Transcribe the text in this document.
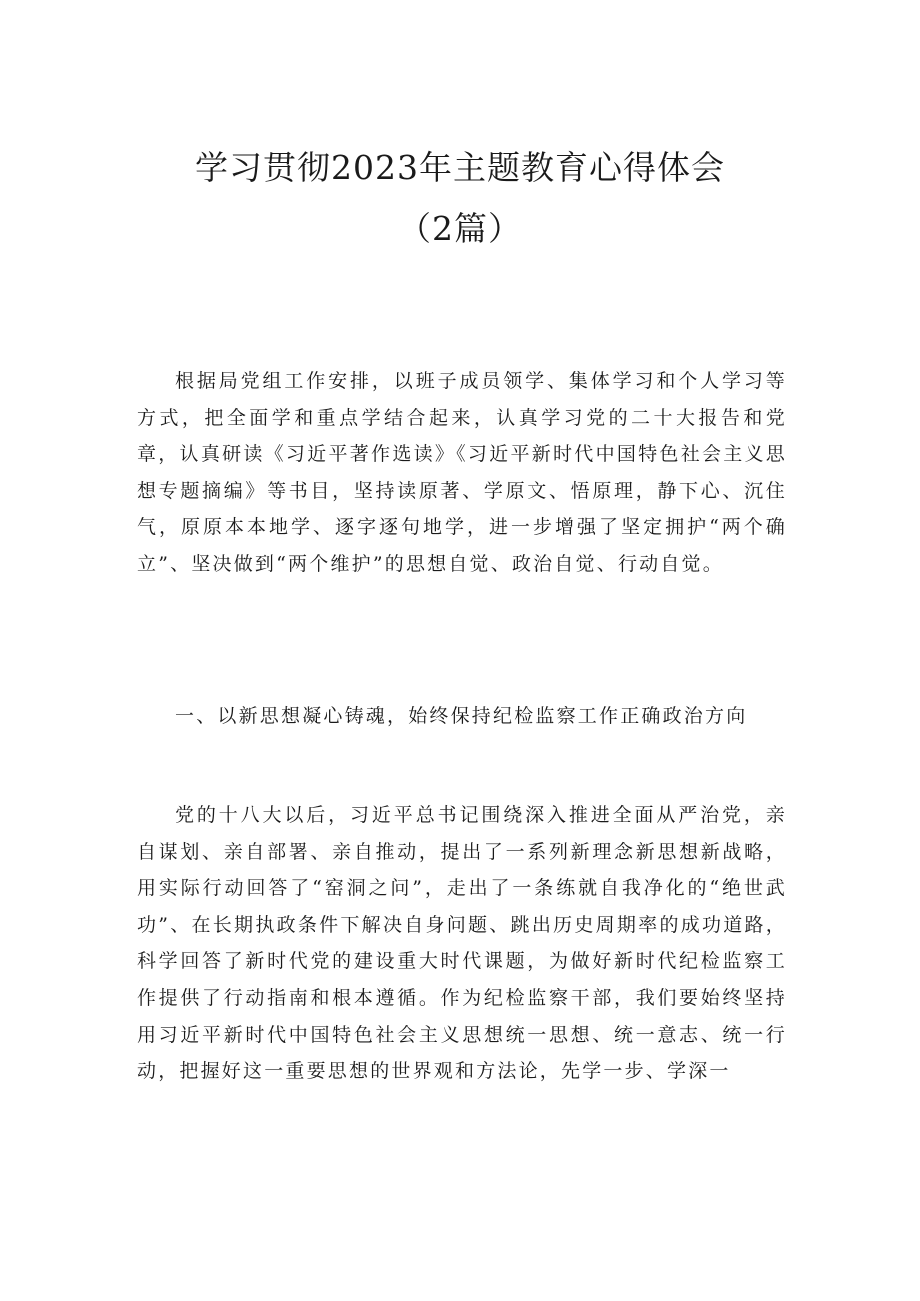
学习贯彻2023年主题教育心得体会
（2篇）

根据局党组工作安排，以班子成员领学、集体学习和个人学习等方式，把全面学和重点学结合起来，认真学习党的二十大报告和党章，认真研读《习近平著作选读》《习近平新时代中国特色社会主义思想专题摘编》等书目，坚持读原著、学原文、悟原理，静下心、沉住气，原原本本地学、逐字逐句地学，进一步增强了坚定拥护“两个确立”、坚决做到“两个维护”的思想自觉、政治自觉、行动自觉。

一、以新思想凝心铸魂，始终保持纪检监察工作正确政治方向

党的十八大以后，习近平总书记围绕深入推进全面从严治党，亲自谋划、亲自部署、亲自推动，提出了一系列新理念新思想新战略，用实际行动回答了“窑洞之问”，走出了一条练就自我净化的“绝世武功”、在长期执政条件下解决自身问题、跳出历史周期率的成功道路，科学回答了新时代党的建设重大时代课题，为做好新时代纪检监察工作提供了行动指南和根本遵循。作为纪检监察干部，我们要始终坚持用习近平新时代中国特色社会主义思想统一思想、统一意志、统一行动，把握好这一重要思想的世界观和方法论，先学一步、学深一
